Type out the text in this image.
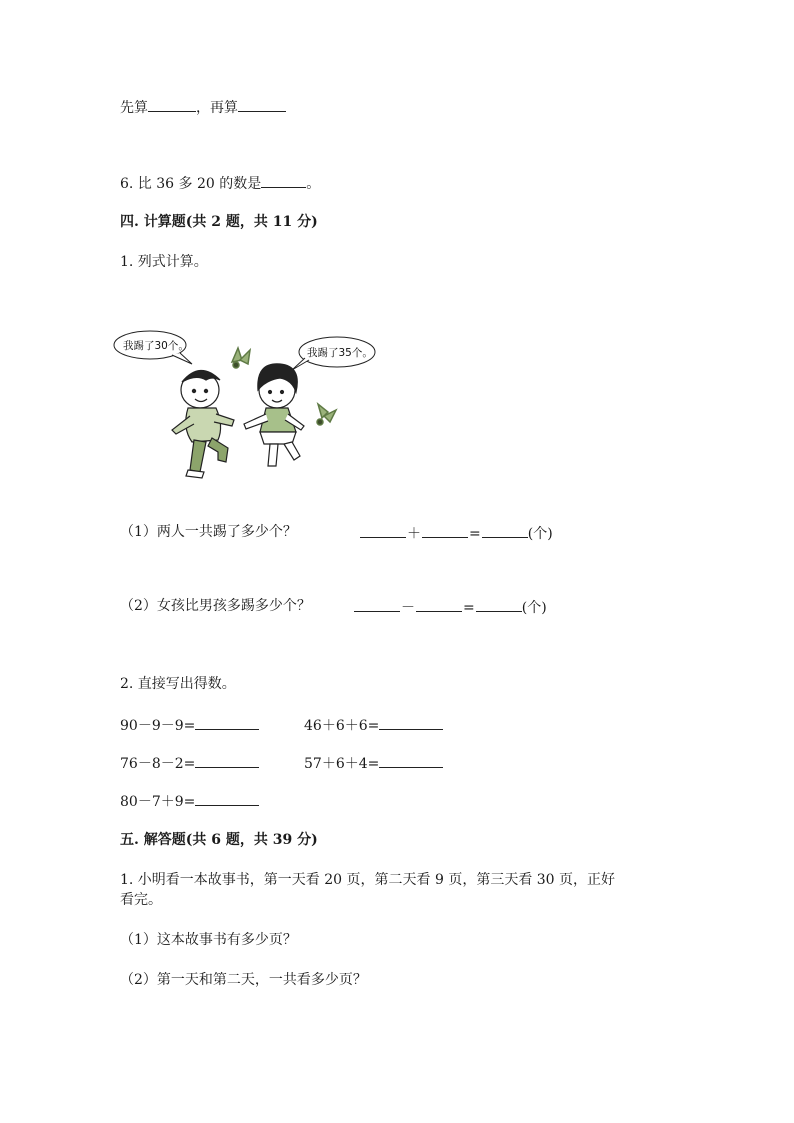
先算	，再算
6. 比 36 多 20 的数是	。
四. 计算题(共 2 题，共 11 分)
1. 列式计算。
我踢了30个。
我踢了35个。
（1）两人一共踢了多少个？	＋	=	(个)
（2）女孩比男孩多踢多少个？	－	=	(个)
2. 直接写出得数。
90－9－9=	46＋6＋6=
76－8－2=	57＋6＋4=
80－7＋9=
五. 解答题(共 6 题，共 39 分)
1. 小明看一本故事书，第一天看 20 页，第二天看 9 页，第三天看 30 页，正好
看完。
（1）这本故事书有多少页？
（2）第一天和第二天，一共看多少页？
